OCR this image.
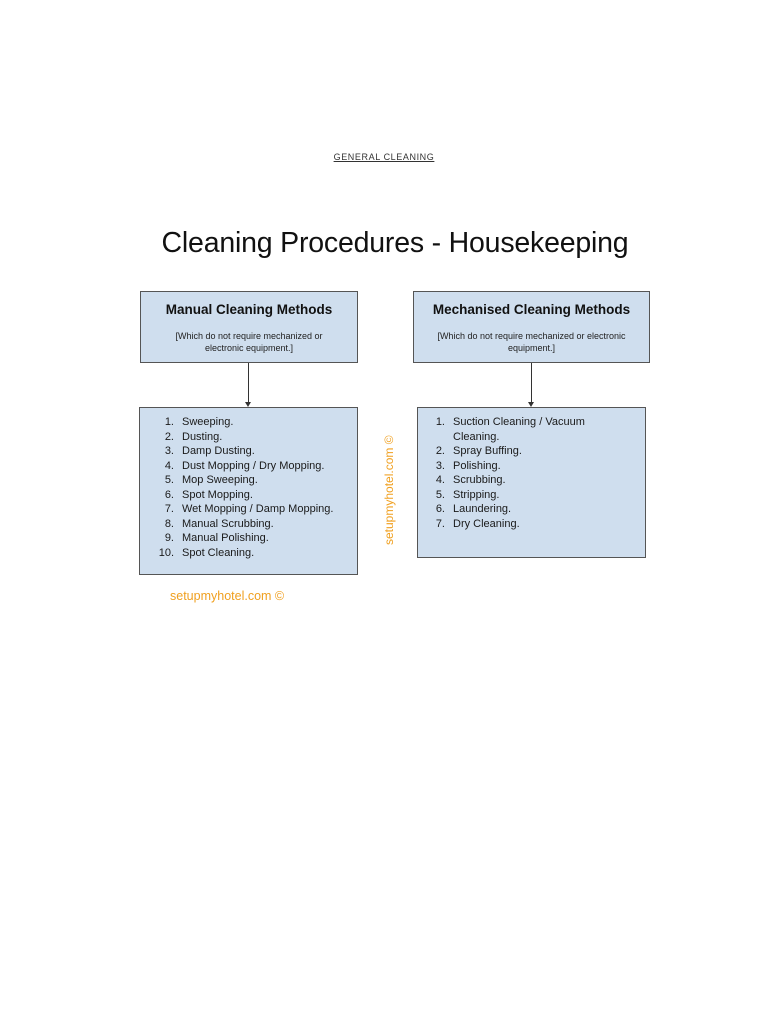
GENERAL CLEANING
Cleaning Procedures - Housekeeping
Manual Cleaning Methods
[Which do not require mechanized or electronic equipment.]
Mechanised Cleaning Methods
[Which do not require mechanized or electronic equipment.]
1. Sweeping.
2. Dusting.
3. Damp Dusting.
4. Dust Mopping / Dry Mopping.
5. Mop Sweeping.
6. Spot Mopping.
7. Wet Mopping / Damp Mopping.
8. Manual Scrubbing.
9. Manual Polishing.
10. Spot Cleaning.
1. Suction Cleaning / Vacuum Cleaning.
2. Spray Buffing.
3. Polishing.
4. Scrubbing.
5. Stripping.
6. Laundering.
7. Dry Cleaning.
setupmyhotel.com ©
setupmyhotel.com ©
